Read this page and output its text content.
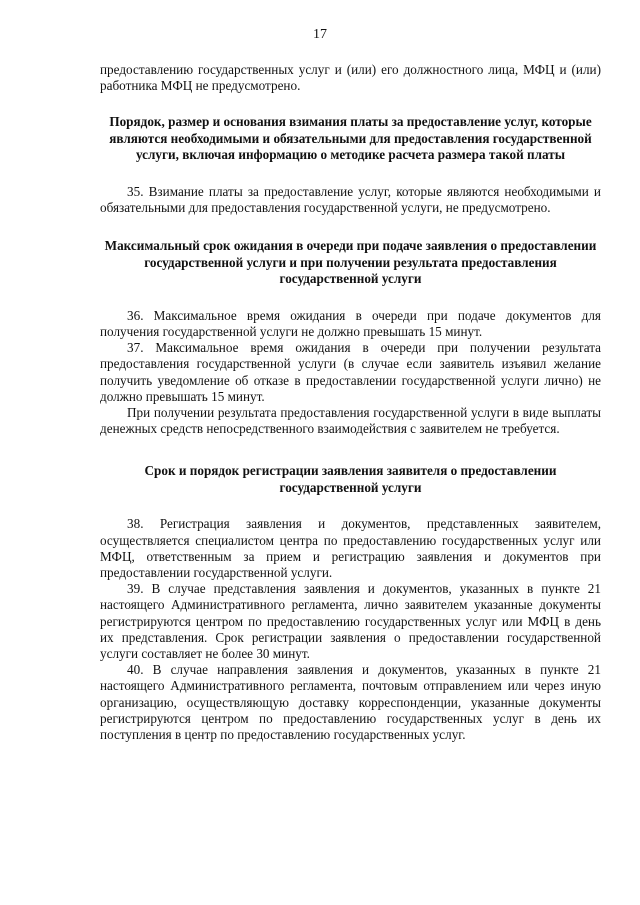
17

предоставлению государственных услуг и (или) его должностного лица, МФЦ и (или) работника МФЦ не предусмотрено.

Порядок, размер и основания взимания платы за предоставление услуг, которые являются необходимыми и обязательными для предоставления государственной услуги, включая информацию о методике расчета размера такой платы

35. Взимание платы за предоставление услуг, которые являются необходимыми и обязательными для предоставления государственной услуги, не предусмотрено.

Максимальный срок ожидания в очереди при подаче заявления о предоставлении государственной услуги и при получении результата предоставления государственной услуги

36. Максимальное время ожидания в очереди при подаче документов для получения государственной услуги не должно превышать 15 минут.

37. Максимальное время ожидания в очереди при получении результата предоставления государственной услуги (в случае если заявитель изъявил желание получить уведомление об отказе в предоставлении государственной услуги лично) не должно превышать 15 минут.

При получении результата предоставления государственной услуги в виде выплаты денежных средств непосредственного взаимодействия с заявителем не требуется.

Срок и порядок регистрации заявления заявителя о предоставлении государственной услуги

38. Регистрация заявления и документов, представленных заявителем, осуществляется специалистом центра по предоставлению государственных услуг или МФЦ, ответственным за прием и регистрацию заявления и документов при предоставлении государственной услуги.

39. В случае представления заявления и документов, указанных в пункте 21 настоящего Административного регламента, лично заявителем указанные документы регистрируются центром по предоставлению государственных услуг или МФЦ в день их представления. Срок регистрации заявления о предоставлении государственной услуги составляет не более 30 минут.

40. В случае направления заявления и документов, указанных в пункте 21 настоящего Административного регламента, почтовым отправлением или через иную организацию, осуществляющую доставку корреспонденции, указанные документы регистрируются центром по предоставлению государственных услуг в день их поступления в центр по предоставлению государственных услуг.
